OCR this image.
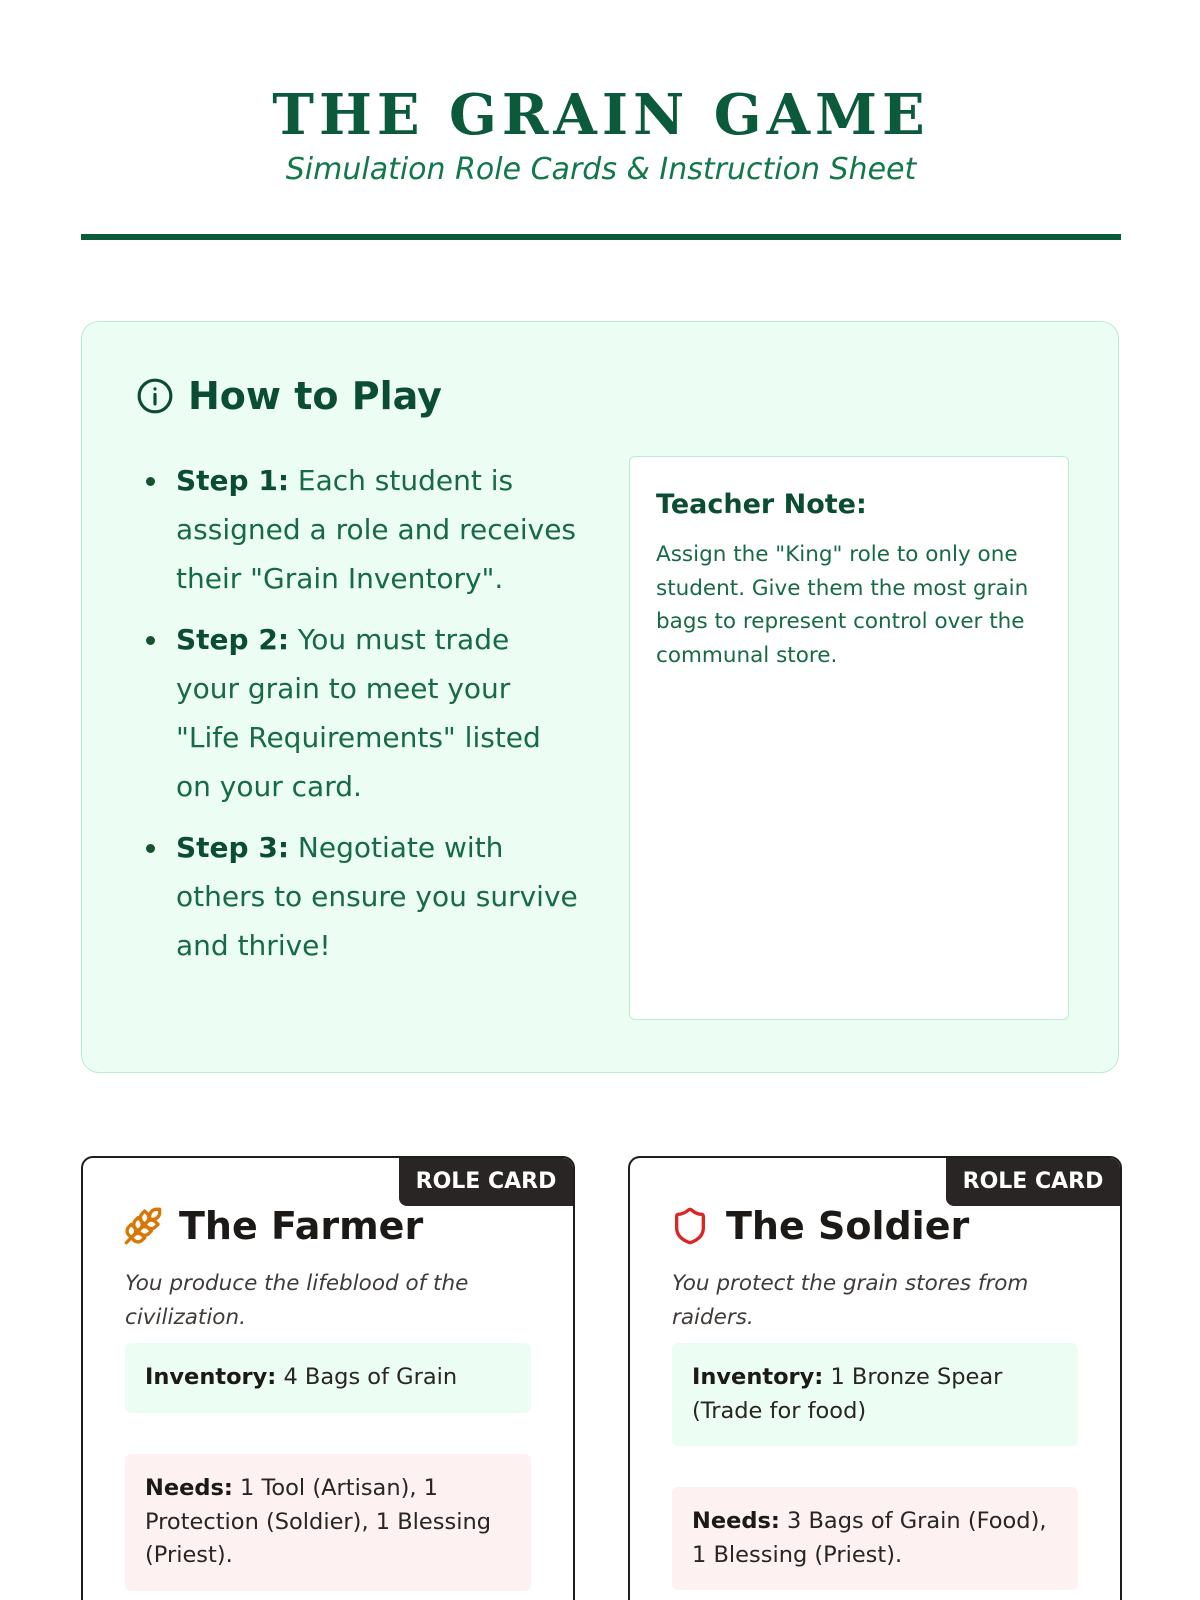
THE GRAIN GAME
Simulation Role Cards & Instruction Sheet
How to Play
Step 1: Each student is assigned a role and receives their "Grain Inventory".
Step 2: You must trade your grain to meet your "Life Requirements" listed on your card.
Step 3: Negotiate with others to ensure you survive and thrive!
Teacher Note:
Assign the "King" role to only one student. Give them the most grain bags to represent control over the communal store.
ROLE CARD
The Farmer
You produce the lifeblood of the civilization.
Inventory: 4 Bags of Grain
Needs: 1 Tool (Artisan), 1 Protection (Soldier), 1 Blessing (Priest).
ROLE CARD
The Soldier
You protect the grain stores from raiders.
Inventory: 1 Bronze Spear (Trade for food)
Needs: 3 Bags of Grain (Food), 1 Blessing (Priest).
